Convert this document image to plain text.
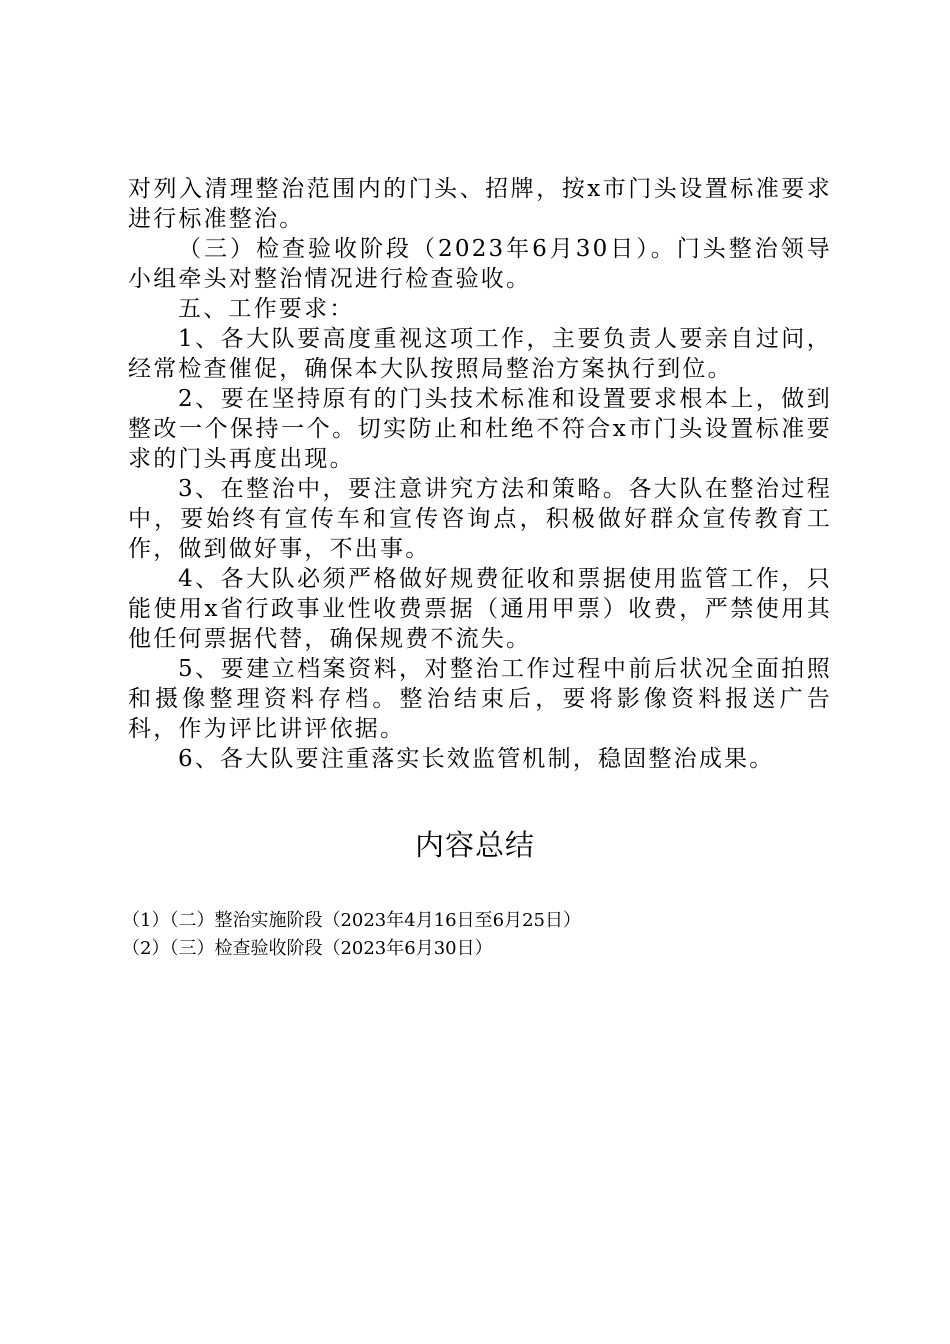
对列入清理整治范围内的门头、招牌，按x市门头设置标准要求进行标准整治。

（三）检查验收阶段（2023年6月30日）。门头整治领导小组牵头对整治情况进行检查验收。

五、工作要求：

1、各大队要高度重视这项工作，主要负责人要亲自过问，经常检查催促，确保本大队按照局整治方案执行到位。

2、要在坚持原有的门头技术标准和设置要求根本上，做到整改一个保持一个。切实防止和杜绝不符合x市门头设置标准要求的门头再度出现。

3、在整治中，要注意讲究方法和策略。各大队在整治过程中，要始终有宣传车和宣传咨询点，积极做好群众宣传教育工作，做到做好事，不出事。

4、各大队必须严格做好规费征收和票据使用监管工作，只能使用x省行政事业性收费票据（通用甲票）收费，严禁使用其他任何票据代替，确保规费不流失。

5、要建立档案资料，对整治工作过程中前后状况全面拍照和摄像整理资料存档。整治结束后，要将影像资料报送广告科，作为评比讲评依据。

6、各大队要注重落实长效监管机制，稳固整治成果。

内容总结

（1）（二）整治实施阶段（2023年4月16日至6月25日）

（2）（三）检查验收阶段（2023年6月30日）
